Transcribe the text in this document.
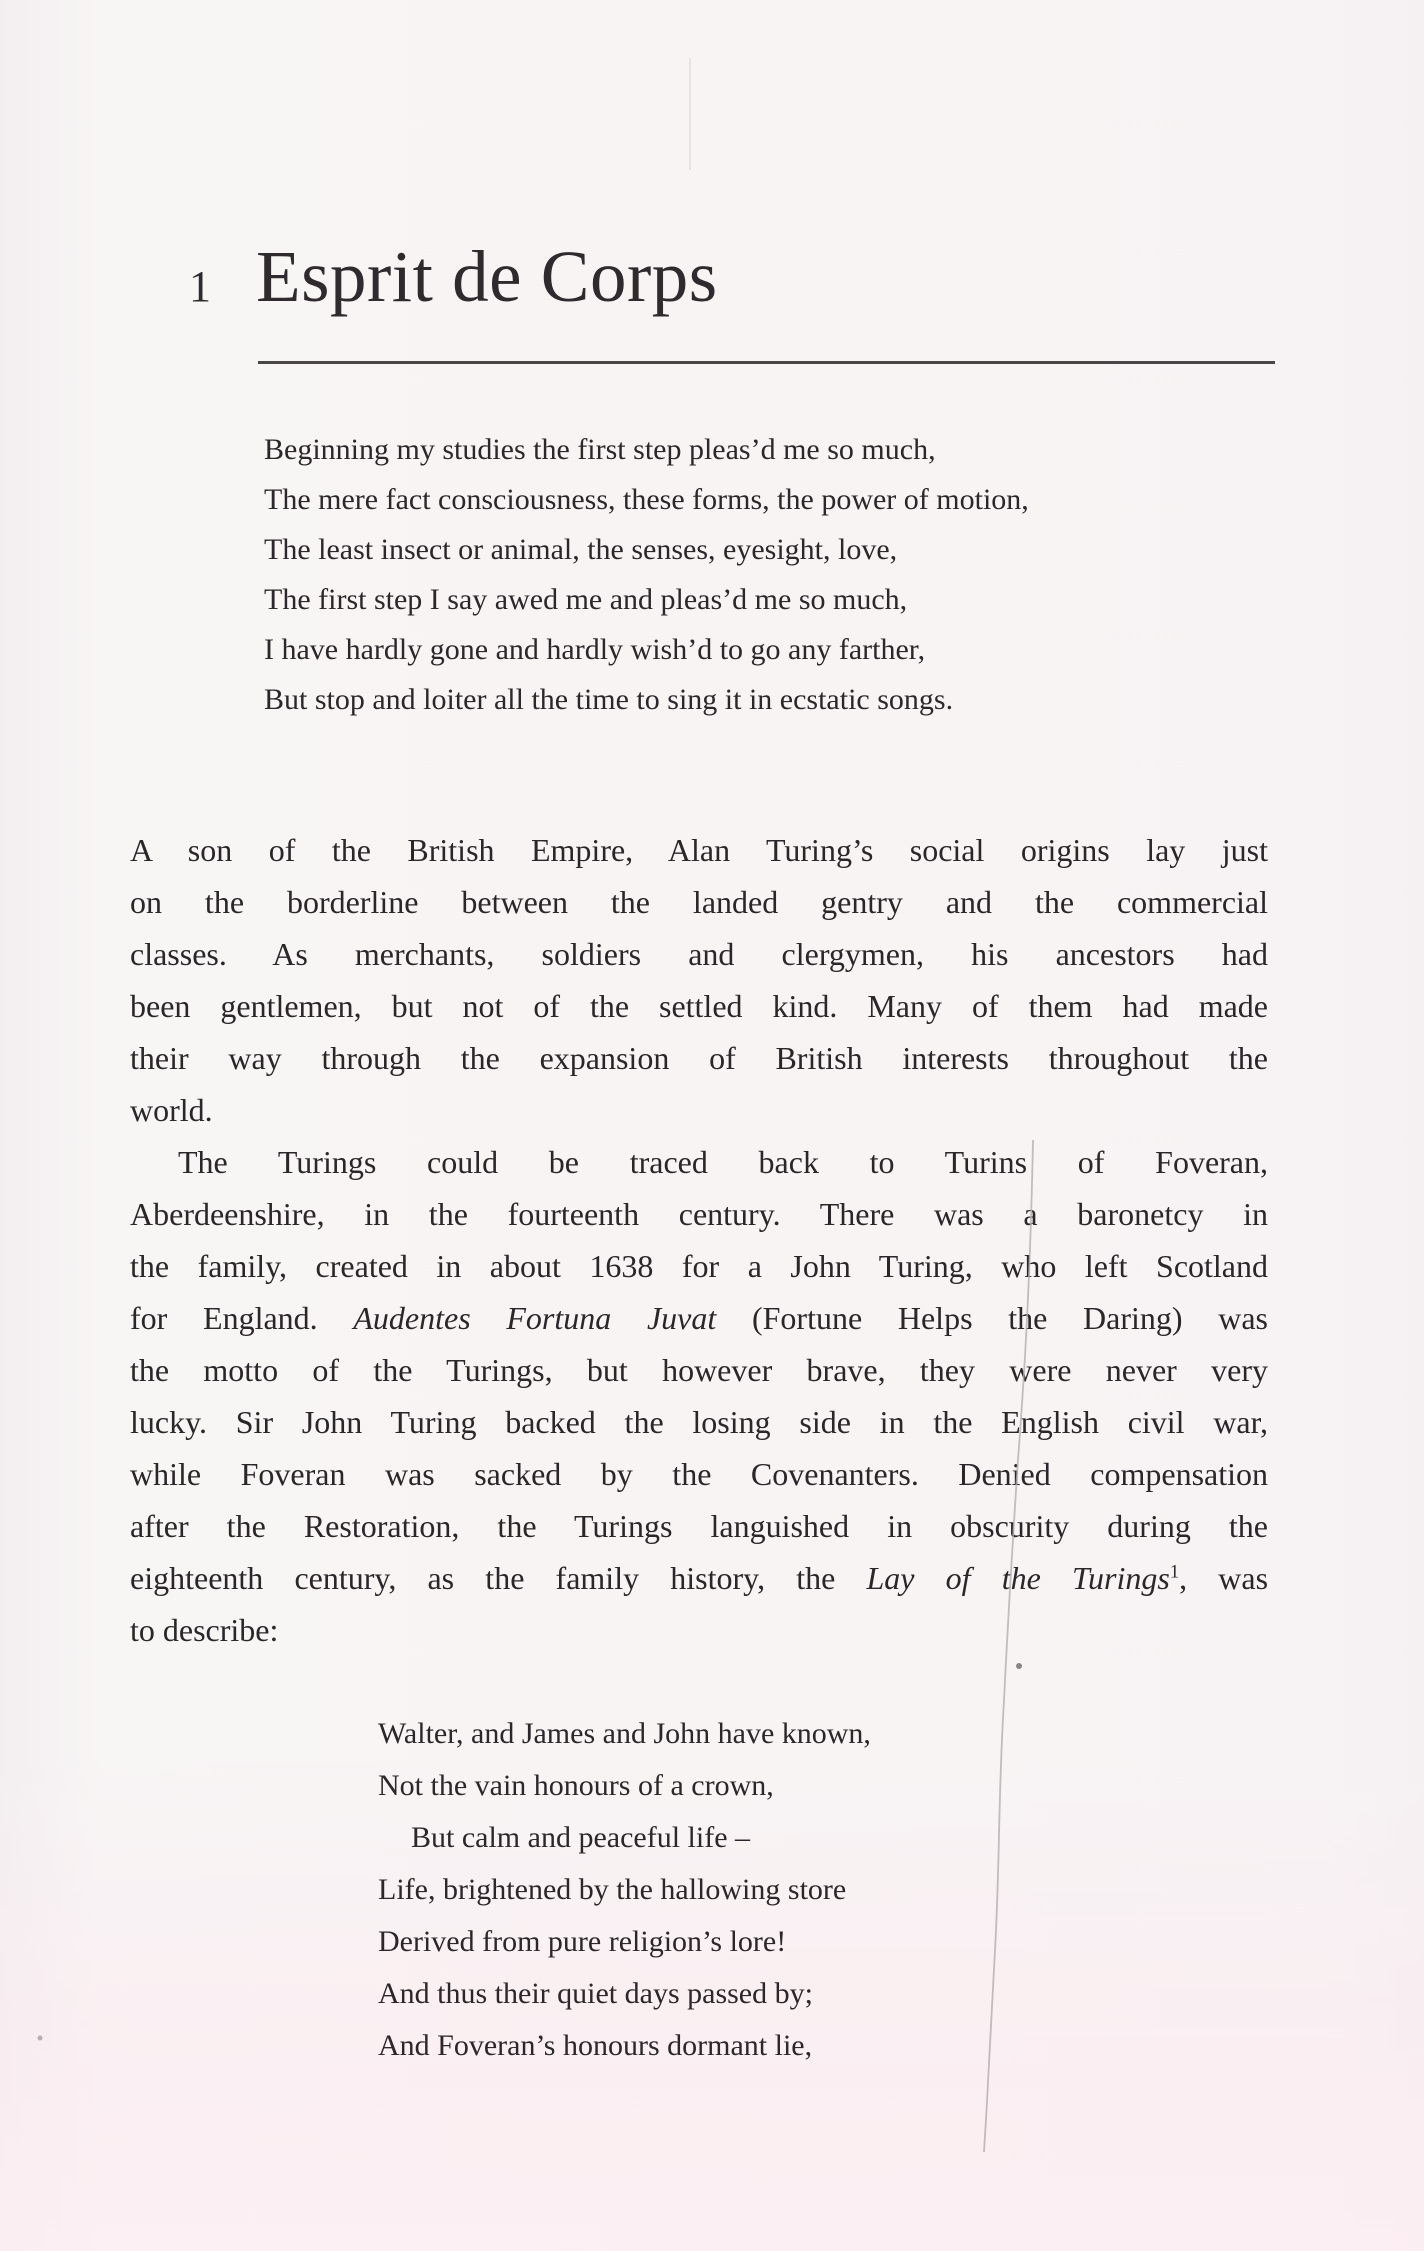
1 Esprit de Corps
Beginning my studies the first step pleas’d me so much,
The mere fact consciousness, these forms, the power of motion,
The least insect or animal, the senses, eyesight, love,
The first step I say awed me and pleas’d me so much,
I have hardly gone and hardly wish’d to go any farther,
But stop and loiter all the time to sing it in ecstatic songs.
A son of the British Empire, Alan Turing’s social origins lay just
on the borderline between the landed gentry and the commercial
classes. As merchants, soldiers and clergymen, his ancestors had
been gentlemen, but not of the settled kind. Many of them had made
their way through the expansion of British interests throughout the
world.
The Turings could be traced back to Turins of Foveran,
Aberdeenshire, in the fourteenth century. There was a baronetcy in
the family, created in about 1638 for a John Turing, who left Scotland
for England. Audentes Fortuna Juvat (Fortune Helps the Daring) was
the motto of the Turings, but however brave, they were never very
lucky. Sir John Turing backed the losing side in the English civil war,
while Foveran was sacked by the Covenanters. Denied compensation
after the Restoration, the Turings languished in obscurity during the
eighteenth century, as the family history, the Lay of the Turings$^1$, was
to describe:
Walter, and James and John have known,
Not the vain honours of a crown,
But calm and peaceful life –
Life, brightened by the hallowing store
Derived from pure religion’s lore!
And thus their quiet days passed by;
And Foveran’s honours dormant lie,
